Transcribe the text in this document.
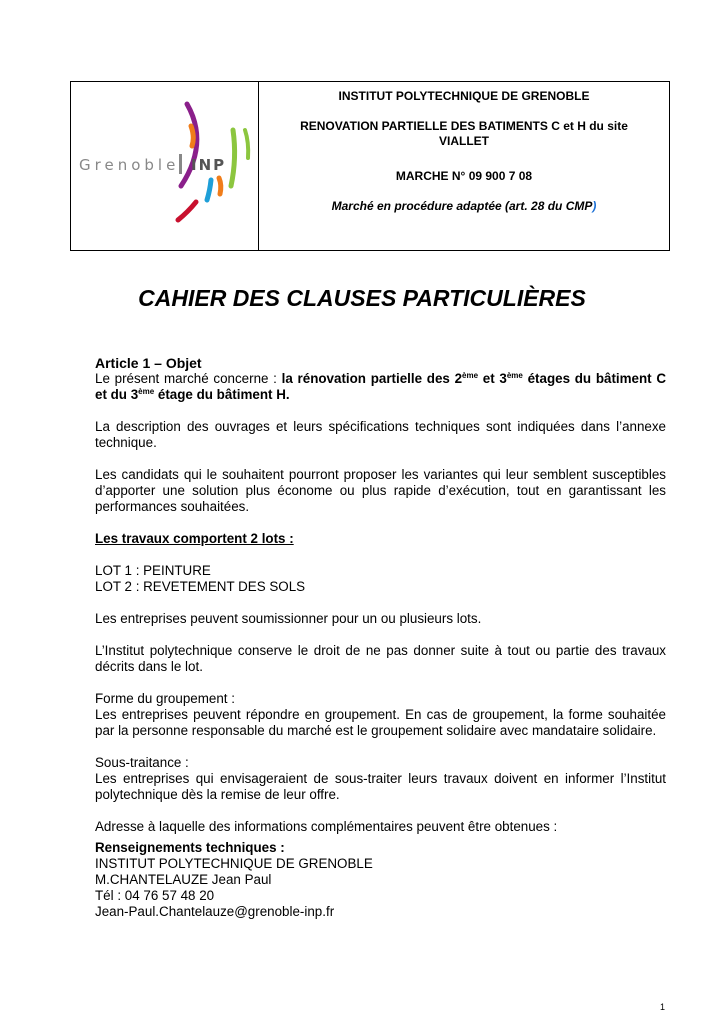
Grenoble INP
INSTITUT POLYTECHNIQUE DE GRENOBLE
RENOVATION PARTIELLE DES BATIMENTS C et H du site
VIALLET
MARCHE N° 09 900 7 08
Marché en procédure adaptée (art. 28 du CMP)
CAHIER DES CLAUSES PARTICULIÈRES

Article 1 – Objet

Le présent marché concerne : la rénovation partielle des 2ème et 3ème étages du bâtiment C et du 3ème étage du bâtiment H.

La description des ouvrages et leurs spécifications techniques sont indiquées dans l’annexe technique.

Les candidats qui le souhaitent pourront proposer les variantes qui leur semblent susceptibles d’apporter une solution plus économe ou plus rapide d’exécution, tout en garantissant les performances souhaitées.

Les travaux comportent 2 lots :

LOT 1 : PEINTURE

LOT 2 : REVETEMENT DES SOLS

Les entreprises peuvent soumissionner pour un ou plusieurs lots.

L’Institut polytechnique conserve le droit de ne pas donner suite à tout ou partie des travaux décrits dans le lot.

Forme du groupement :

Les entreprises peuvent répondre en groupement. En cas de groupement, la forme souhaitée par la personne responsable du marché est le groupement solidaire avec mandataire solidaire.

Sous-traitance :

Les entreprises qui envisageraient de sous-traiter leurs travaux doivent en informer l’Institut polytechnique dès la remise de leur offre.

Adresse à laquelle des informations complémentaires peuvent être obtenues :

Renseignements techniques :

INSTITUT POLYTECHNIQUE DE GRENOBLE

M.CHANTELAUZE Jean Paul

Tél : 04 76 57 48 20

Jean-Paul.Chantelauze@grenoble-inp.fr

1
